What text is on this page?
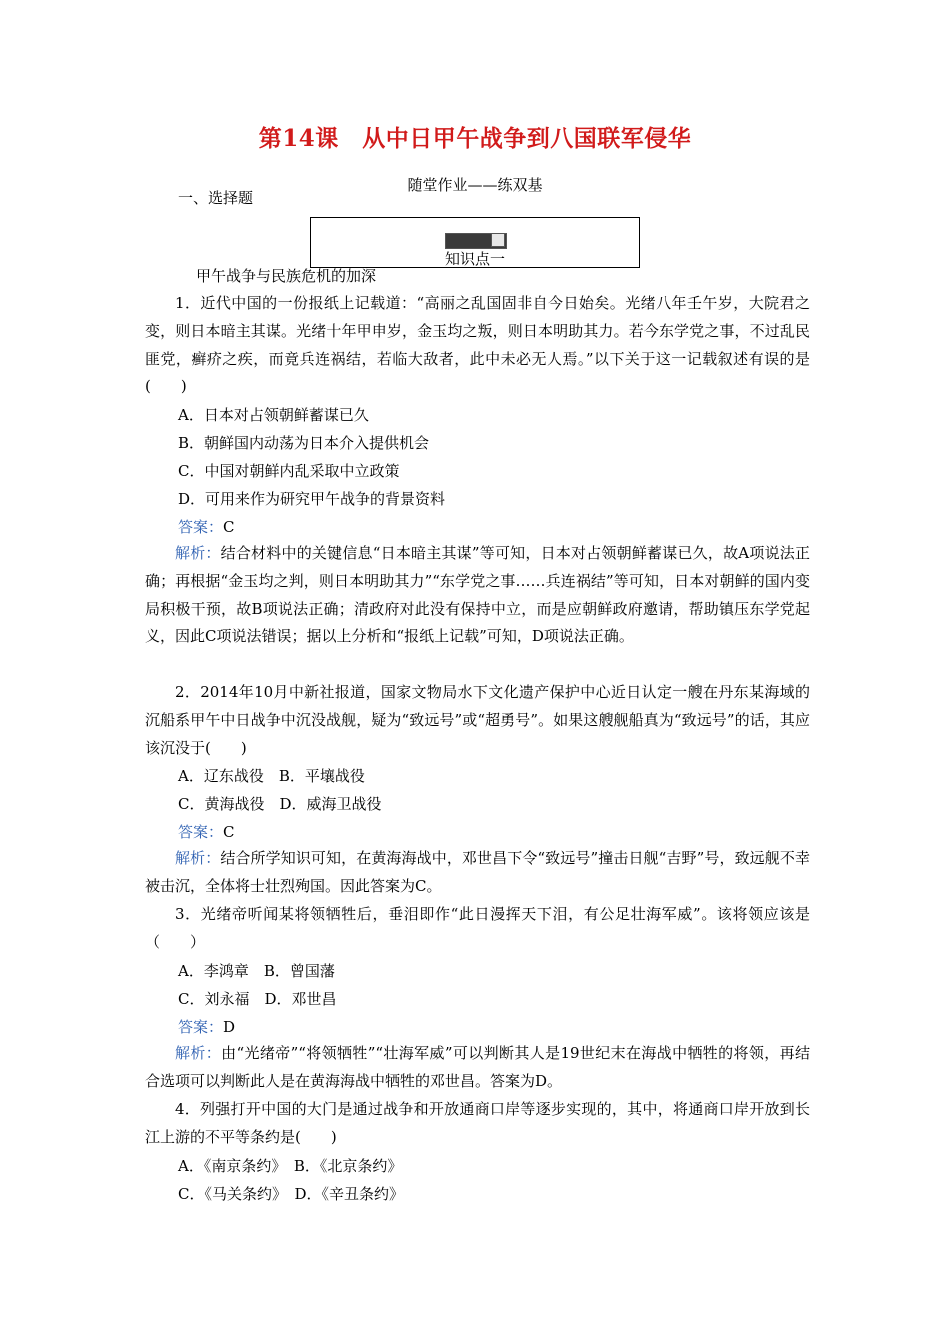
第14课　从中日甲午战争到八国联军侵华
随堂作业——练双基
一、选择题
知识点一
甲午战争与民族危机的加深

1．近代中国的一份报纸上记载道：“高丽之乱国固非自今日始矣。光绪八年壬午岁，大院君之变，则日本暗主其谋。光绪十年甲申岁，金玉均之叛，则日本明助其力。若今东学党之事，不过乱民匪党，癣疥之疾，而竟兵连祸结，若临大敌者，此中未必无人焉。”以下关于这一记载叙述有误的是(　　)

A．日本对占领朝鲜蓄谋已久
B．朝鲜国内动荡为日本介入提供机会
C．中国对朝鲜内乱采取中立政策
D．可用来作为研究甲午战争的背景资料
答案：C

解析：结合材料中的关键信息“日本暗主其谋”等可知，日本对占领朝鲜蓄谋已久，故A项说法正确；再根据“金玉均之判，则日本明助其力”“东学党之事……兵连祸结”等可知，日本对朝鲜的国内变局积极干预，故B项说法正确；清政府对此没有保持中立，而是应朝鲜政府邀请，帮助镇压东学党起义，因此C项说法错误；据以上分析和“报纸上记载”可知，D项说法正确。

2．2014年10月中新社报道，国家文物局水下文化遗产保护中心近日认定一艘在丹东某海域的沉船系甲午中日战争中沉没战舰，疑为“致远号”或“超勇号”。如果这艘舰船真为“致远号”的话，其应该沉没于(　　)

A．辽东战役　B．平壤战役
C．黄海战役　D．威海卫战役
答案：C

解析：结合所学知识可知，在黄海海战中，邓世昌下令“致远号”撞击日舰“吉野”号，致远舰不幸被击沉，全体将士壮烈殉国。因此答案为C。

3．光绪帝听闻某将领牺牲后，垂泪即作“此日漫挥天下泪，有公足壮海军威”。该将领应该是（　　）

A．李鸿章　B．曾国藩
C．刘永福　D．邓世昌
答案：D

解析：由“光绪帝”“将领牺牲”“壮海军威”可以判断其人是19世纪末在海战中牺牲的将领，再结合选项可以判断此人是在黄海海战中牺牲的邓世昌。答案为D。

4．列强打开中国的大门是通过战争和开放通商口岸等逐步实现的，其中，将通商口岸开放到长江上游的不平等条约是(　　)

A．《南京条约》　B．《北京条约》
C．《马关条约》　D．《辛丑条约》
